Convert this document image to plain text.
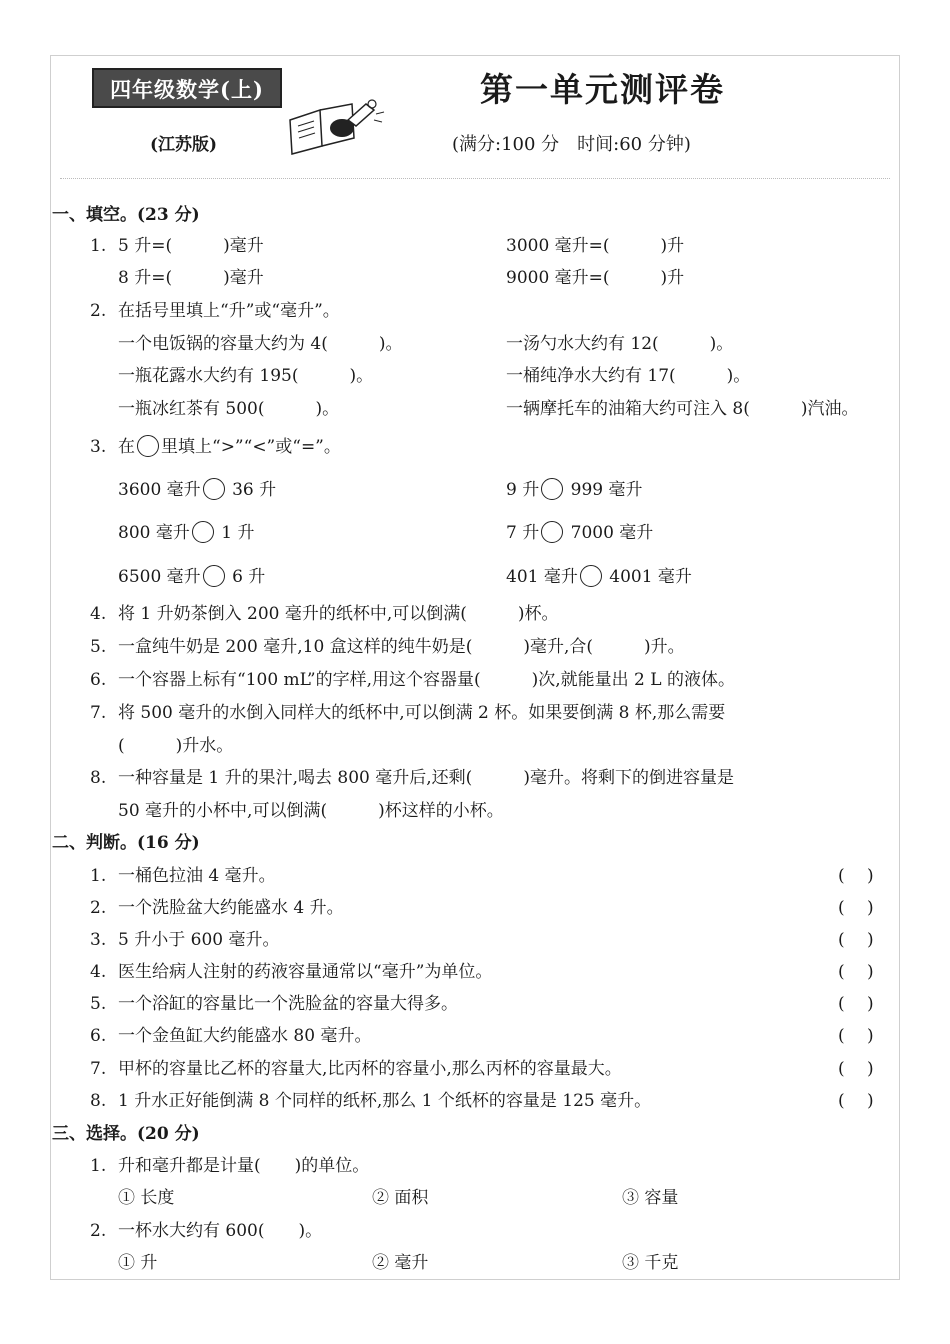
四年级数学(上)
(江苏版)
第一单元测评卷
(满分:100 分　时间:60 分钟)
一、填空。(23 分)
1. 5 升=(　　　)毫升	3000 毫升=(　　　)升
8 升=(　　　)毫升	9000 毫升=(　　　)升
2. 在括号里填上“升”或“毫升”。
一个电饭锅的容量大约为 4(　　　)。	一汤勺水大约有 12(　　　)。
一瓶花露水大约有 195(　　　)。	一桶纯净水大约有 17(　　　)。
一瓶冰红茶有 500(　　　)。	一辆摩托车的油箱大约可注入 8(　　　)汽油。
3. 在 里填上“>”“<”或“=”。
3600 毫升 36 升	9 升 999 毫升
800 毫升 1 升	7 升 7000 毫升
6500 毫升 6 升	401 毫升 4001 毫升
4. 将 1 升奶茶倒入 200 毫升的纸杯中,可以倒满(　　　)杯。
5. 一盒纯牛奶是 200 毫升,10 盒这样的纯牛奶是(　　　)毫升,合(　　　)升。
6. 一个容器上标有“100 mL”的字样,用这个容器量(　　　)次,就能量出 2 L 的液体。
7. 将 500 毫升的水倒入同样大的纸杯中,可以倒满 2 杯。如果要倒满 8 杯,那么需要
(　　　)升水。
8. 一种容量是 1 升的果汁,喝去 800 毫升后,还剩(　　　)毫升。将剩下的倒进容量是
50 毫升的小杯中,可以倒满(　　　)杯这样的小杯。
二、判断。(16 分)
1. 一桶色拉油 4 毫升。	(　 )
2. 一个洗脸盆大约能盛水 4 升。	(　 )
3. 5 升小于 600 毫升。	(　 )
4. 医生给病人注射的药液容量通常以“毫升”为单位。	(　 )
5. 一个浴缸的容量比一个洗脸盆的容量大得多。	(　 )
6. 一个金鱼缸大约能盛水 80 毫升。	(　 )
7. 甲杯的容量比乙杯的容量大,比丙杯的容量小,那么丙杯的容量最大。	(　 )
8. 1 升水正好能倒满 8 个同样的纸杯,那么 1 个纸杯的容量是 125 毫升。	(　 )
三、选择。(20 分)
1. 升和毫升都是计量(　　)的单位。
① 长度	② 面积	③ 容量
2. 一杯水大约有 600(　　)。
① 升	② 毫升	③ 千克
